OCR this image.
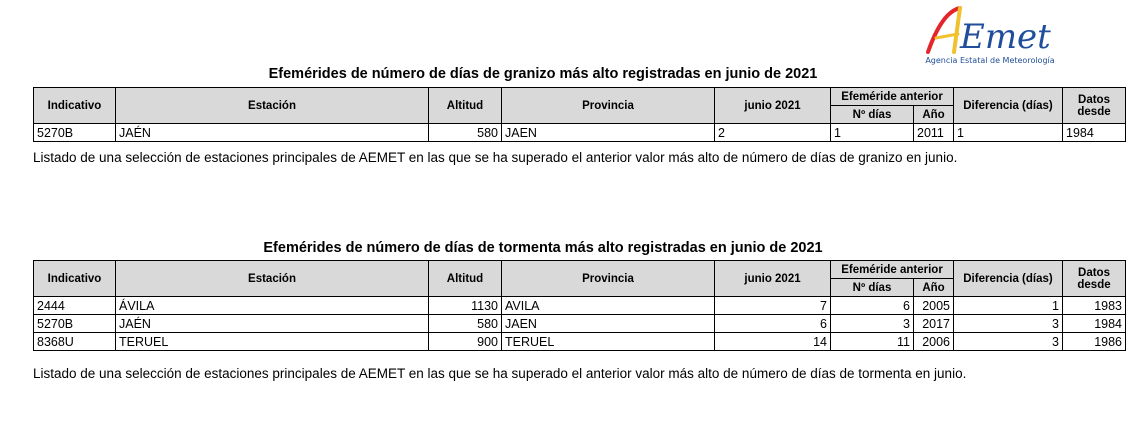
Emet
Agencia Estatal de Meteorología
Efemérides de número de días de granizo más alto registradas en junio de 2021
Indicativo	Estación	Altitud	Provincia	junio 2021	Efeméride anterior		Diferencia (días)	Datos desde
					Nº días	Año		
5270B	JAÉN	580	JAEN	2	1	2011	1	1984
Listado de una selección de estaciones principales de AEMET en las que se ha superado el anterior valor más alto de número de días de granizo en junio.
Efemérides de número de días de tormenta más alto registradas en junio de 2021
Indicativo	Estación	Altitud	Provincia	junio 2021	Efeméride anterior		Diferencia (días)	Datos desde
					Nº días	Año		
2444	ÁVILA	1130	AVILA	7	6	2005	1	1983
5270B	JAÉN	580	JAEN	6	3	2017	3	1984
8368U	TERUEL	900	TERUEL	14	11	2006	3	1986
Listado de una selección de estaciones principales de AEMET en las que se ha superado el anterior valor más alto de número de días de tormenta en junio.
